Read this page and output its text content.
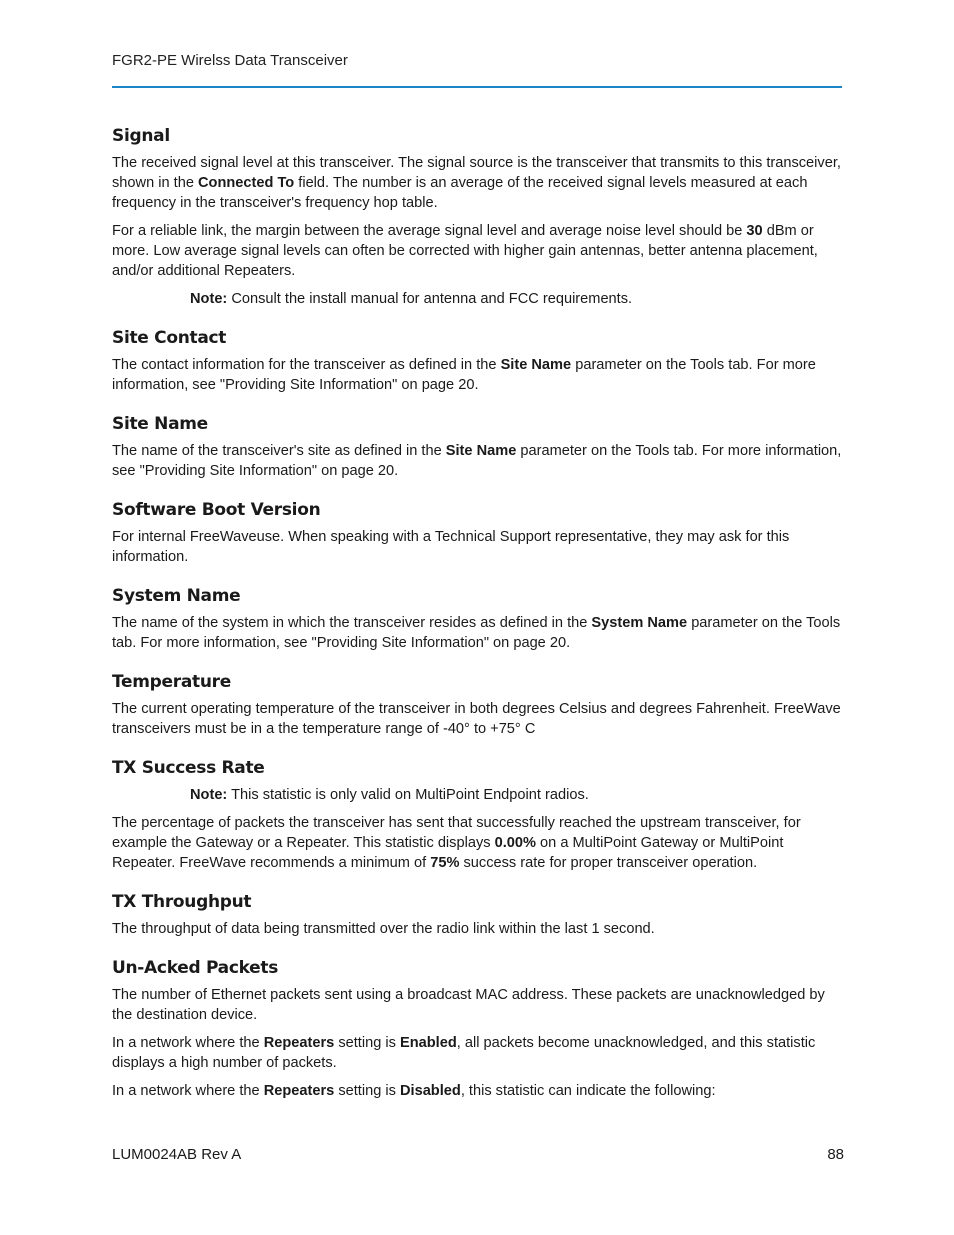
FGR2-PE Wirelss Data Transceiver
Signal

The received signal level at this transceiver. The signal source is the transceiver that transmits to this transceiver, shown in the Connected To field. The number is an average of the received signal levels measured at each frequency in the transceiver's frequency hop table.

For a reliable link, the margin between the average signal level and average noise level should be 30 dBm or more. Low average signal levels can often be corrected with higher gain antennas, better antenna placement, and/or additional Repeaters.

Note: Consult the install manual for antenna and FCC requirements.

Site Contact

The contact information for the transceiver as defined in the Site Name parameter on the Tools tab. For more information, see "Providing Site Information" on page 20.

Site Name

The name of the transceiver's site as defined in the Site Name parameter on the Tools tab. For more information, see "Providing Site Information" on page 20.

Software Boot Version

For internal FreeWaveuse. When speaking with a Technical Support representative, they may ask for this information.

System Name

The name of the system in which the transceiver resides as defined in the System Name parameter on the Tools tab. For more information, see "Providing Site Information" on page 20.

Temperature

The current operating temperature of the transceiver in both degrees Celsius and degrees Fahrenheit. FreeWave transceivers must be in a the temperature range of -40° to +75° C

TX Success Rate

Note: This statistic is only valid on MultiPoint Endpoint radios.

The percentage of packets the transceiver has sent that successfully reached the upstream transceiver, for example the Gateway or a Repeater. This statistic displays 0.00% on a MultiPoint Gateway or MultiPoint Repeater. FreeWave recommends a minimum of 75% success rate for proper transceiver operation.

TX Throughput

The throughput of data being transmitted over the radio link within the last 1 second.

Un-Acked Packets

The number of Ethernet packets sent using a broadcast MAC address. These packets are unacknowledged by the destination device.

In a network where the Repeaters setting is Enabled, all packets become unacknowledged, and this statistic displays a high number of packets.

In a network where the Repeaters setting is Disabled, this statistic can indicate the following:

LUM0024AB Rev A	88
